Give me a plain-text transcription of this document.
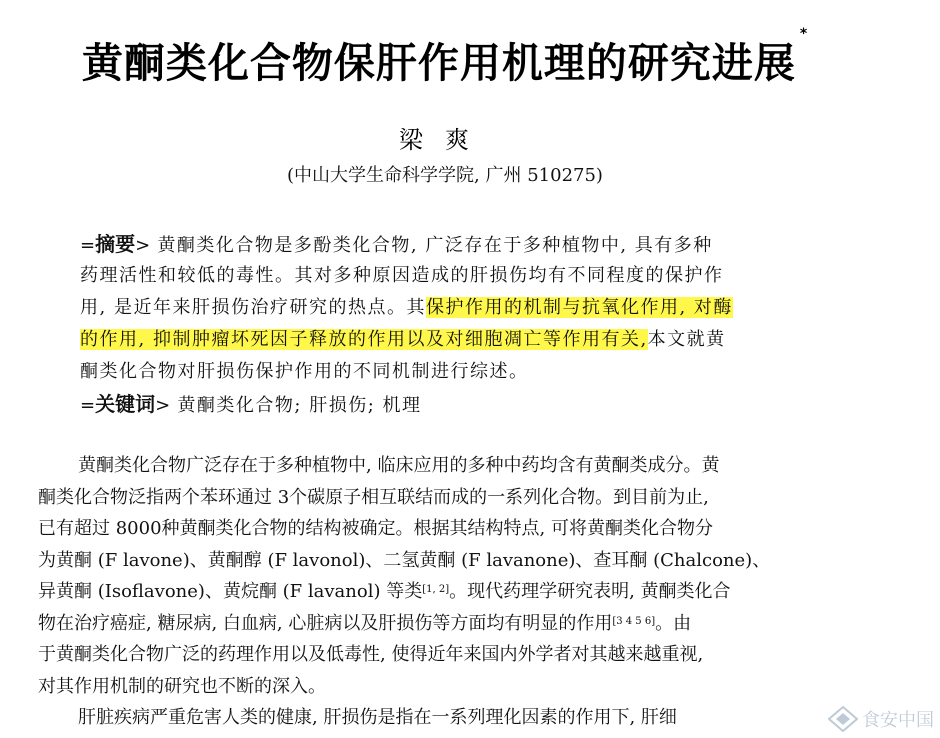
黄酮类化合物保肝作用机理的研究进展*
梁爽
(中山大学生命科学学院, 广州 510275)
=摘要> 黄酮类化合物是多酚类化合物, 广泛存在于多种植物中, 具有多种
药理活性和较低的毒性。其对多种原因造成的肝损伤均有不同程度的保护作
用, 是近年来肝损伤治疗研究的热点。其保护作用的机制与抗氧化作用, 对酶
的作用, 抑制肿瘤坏死因子释放的作用以及对细胞凋亡等作用有关,本文就黄
酮类化合物对肝损伤保护作用的不同机制进行综述。
=关键词> 黄酮类化合物; 肝损伤; 机理
黄酮类化合物广泛存在于多种植物中, 临床应用的多种中药均含有黄酮类成分。黄
酮类化合物泛指两个苯环通过 3个碳原子相互联结而成的一系列化合物。到目前为止,
已有超过 8000种黄酮类化合物的结构被确定。根据其结构特点, 可将黄酮类化合物分
为黄酮 (F lavone)、黄酮醇 (F lavonol)、二氢黄酮 (F lavanone)、查耳酮 (Chalcone)、
异黄酮 (Isoflavone)、黄烷酮 (F lavanol) 等类[1, 2]。现代药理学研究表明, 黄酮类化合
物在治疗癌症, 糖尿病, 白血病, 心脏病以及肝损伤等方面均有明显的作用[3 4 5 6]。由
于黄酮类化合物广泛的药理作用以及低毒性, 使得近年来国内外学者对其越来越重视,
对其作用机制的研究也不断的深入。
肝脏疾病严重危害人类的健康, 肝损伤是指在一系列理化因素的作用下, 肝细	食安中国
